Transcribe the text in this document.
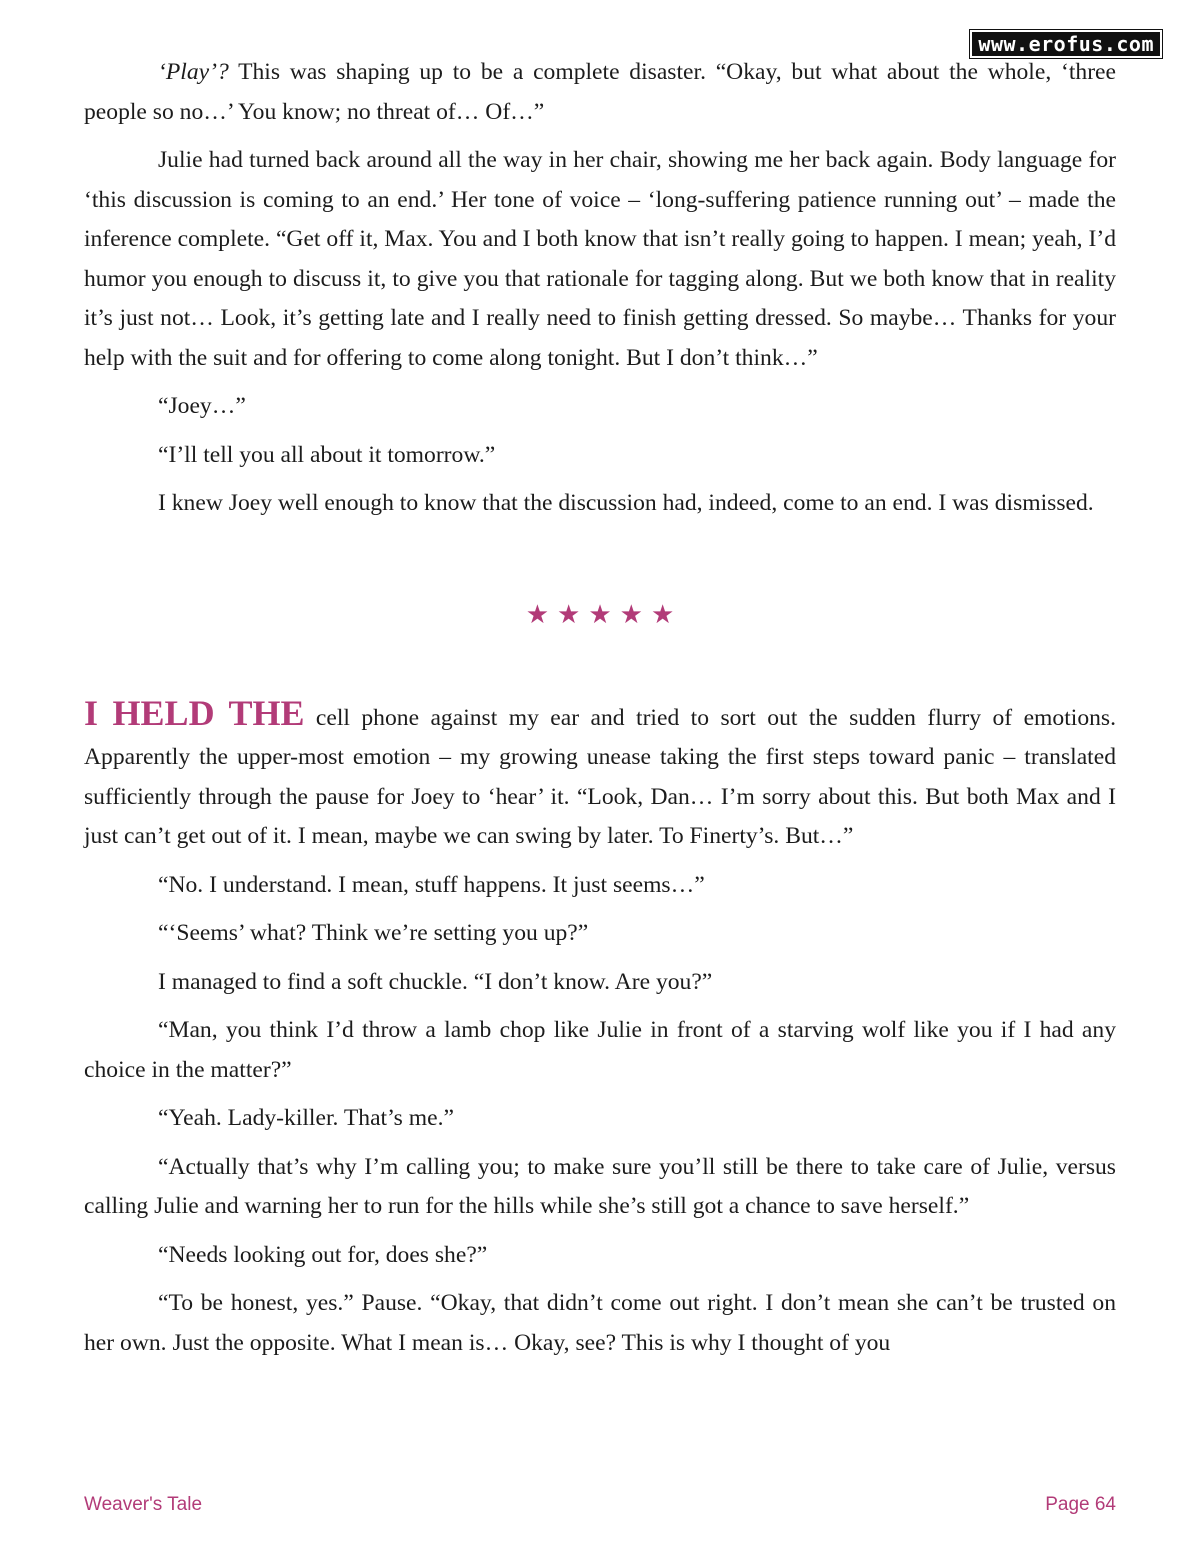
www.erofus.com

‘Play’? This was shaping up to be a complete disaster. “Okay, but what about the whole, ‘three people so no…’ You know; no threat of… Of…”

Julie had turned back around all the way in her chair, showing me her back again. Body language for ‘this discussion is coming to an end.’ Her tone of voice – ‘long-suffering patience running out’ – made the inference complete. “Get off it, Max. You and I both know that isn’t really going to happen. I mean; yeah, I’d humor you enough to discuss it, to give you that rationale for tagging along. But we both know that in reality it’s just not… Look, it’s getting late and I really need to finish getting dressed. So maybe… Thanks for your help with the suit and for offering to come along tonight. But I don’t think…”

“Joey…”

“I’ll tell you all about it tomorrow.”

I knew Joey well enough to know that the discussion had, indeed, come to an end. I was dismissed.

★★★★★

I HELD THE cell phone against my ear and tried to sort out the sudden flurry of emotions. Apparently the upper-most emotion – my growing unease taking the first steps toward panic – translated sufficiently through the pause for Joey to ‘hear’ it. “Look, Dan… I’m sorry about this. But both Max and I just can’t get out of it. I mean, maybe we can swing by later. To Finerty’s. But…”

“No. I understand. I mean, stuff happens. It just seems…”

“‘Seems’ what? Think we’re setting you up?”

I managed to find a soft chuckle. “I don’t know. Are you?”

“Man, you think I’d throw a lamb chop like Julie in front of a starving wolf like you if I had any choice in the matter?”

“Yeah. Lady-killer. That’s me.”

“Actually that’s why I’m calling you; to make sure you’ll still be there to take care of Julie, versus calling Julie and warning her to run for the hills while she’s still got a chance to save herself.”

“Needs looking out for, does she?”

“To be honest, yes.” Pause. “Okay, that didn’t come out right. I don’t mean she can’t be trusted on her own. Just the opposite. What I mean is… Okay, see? This is why I thought of you

Weaver's Tale	Page 64
